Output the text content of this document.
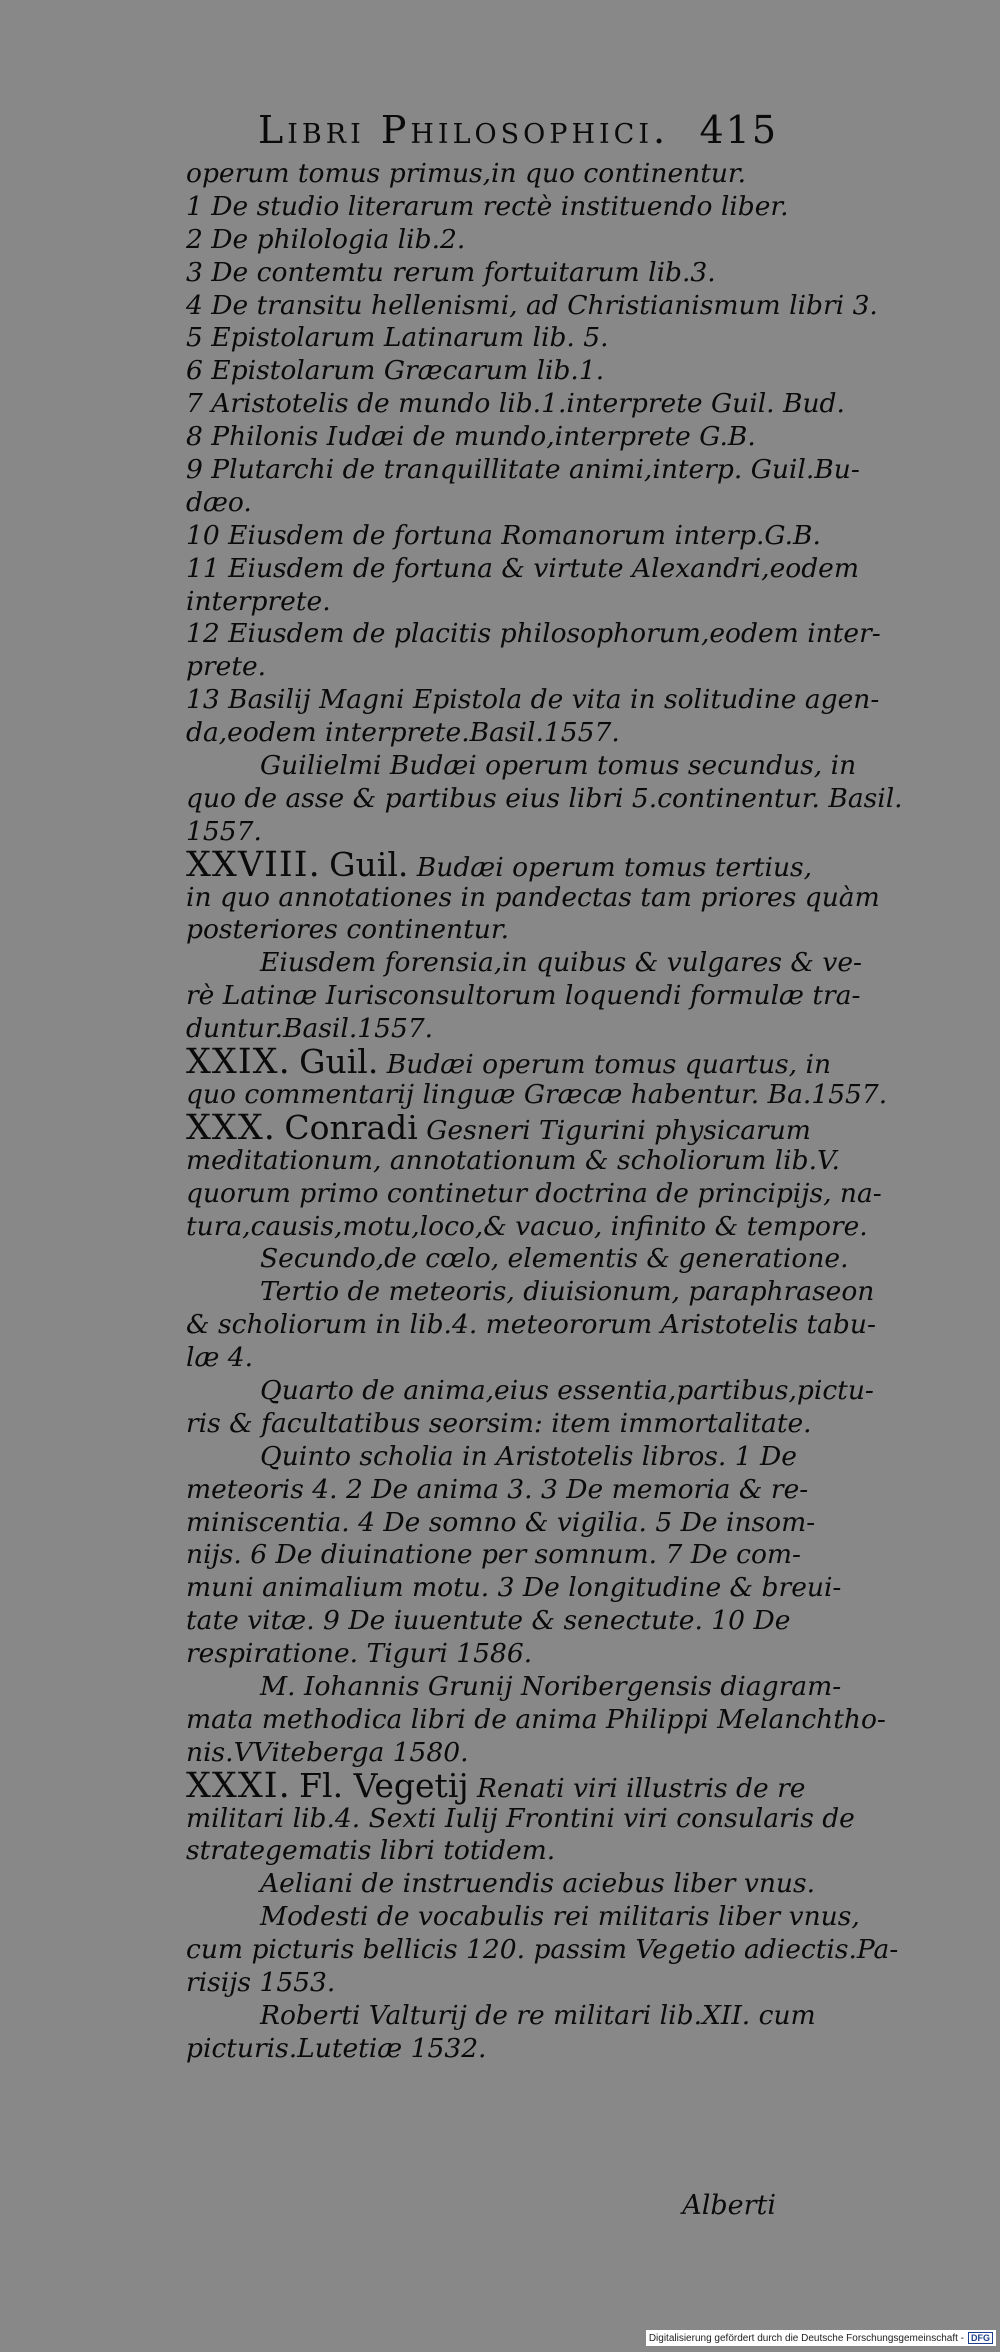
Libri Philosophici. 415
operum tomus primus,in quo continentur.
1 De studio literarum rectè instituendo liber.
2 De philologia lib.2.
3 De contemtu rerum fortuitarum lib.3.
4 De transitu hellenismi, ad Christianismum libri 3.
5 Epistolarum Latinarum lib. 5.
6 Epistolarum Græcarum lib.1.
7 Aristotelis de mundo lib.1.interprete Guil. Bud.
8 Philonis Iudæi de mundo,interprete G.B.
9 Plutarchi de tranquillitate animi,interp. Guil.Bu-
dæo.
10 Eiusdem de fortuna Romanorum interp.G.B.
11 Eiusdem de fortuna & virtute Alexandri,eodem
interprete.
12 Eiusdem de placitis philosophorum,eodem inter-
prete.
13 Basilij Magni Epistola de vita in solitudine agen-
da,eodem interprete.Basil.1557.
Guilielmi Budæi operum tomus secundus, in
quo de asse & partibus eius libri 5.continentur. Basil.
1557.
XXVIII. Guil. Budæi operum tomus tertius,
in quo annotationes in pandectas tam priores quàm
posteriores continentur.
Eiusdem forensia,in quibus & vulgares & ve-
rè Latinæ Iurisconsultorum loquendi formulæ tra-
duntur.Basil.1557.
XXIX. Guil. Budæi operum tomus quartus, in
quo commentarij linguæ Græcæ habentur. Ba.1557.
XXX. Conradi Gesneri Tigurini physicarum
meditationum, annotationum & scholiorum lib.V.
quorum primo continetur doctrina de principijs, na-
tura,causis,motu,loco,& vacuo, infinito & tempore.
Secundo,de cœlo, elementis & generatione.
Tertio de meteoris, diuisionum, paraphraseon
& scholiorum in lib.4. meteororum Aristotelis tabu-
læ 4.
Quarto de anima,eius essentia,partibus,pictu-
ris & facultatibus seorsim: item immortalitate.
Quinto scholia in Aristotelis libros. 1 De
meteoris 4. 2 De anima 3. 3 De memoria & re-
miniscentia. 4 De somno & vigilia. 5 De insom-
nijs. 6 De diuinatione per somnum. 7 De com-
muni animalium motu. 3 De longitudine & breui-
tate vitæ. 9 De iuuentute & senectute. 10 De
respiratione. Tiguri 1586.
M. Iohannis Grunij Noribergensis diagram-
mata methodica libri de anima Philippi Melanchtho-
nis.VViteberga 1580.
XXXI. Fl. Vegetij Renati viri illustris de re
militari lib.4. Sexti Iulij Frontini viri consularis de
strategematis libri totidem.
Aeliani de instruendis aciebus liber vnus.
Modesti de vocabulis rei militaris liber vnus,
cum picturis bellicis 120. passim Vegetio adiectis.Pa-
risijs 1553.
Roberti Valturij de re militari lib.XII. cum
picturis.Lutetiæ 1532.
Alberti
Digitalisierung gefördert durch die Deutsche Forschungsgemeinschaft - DFG
